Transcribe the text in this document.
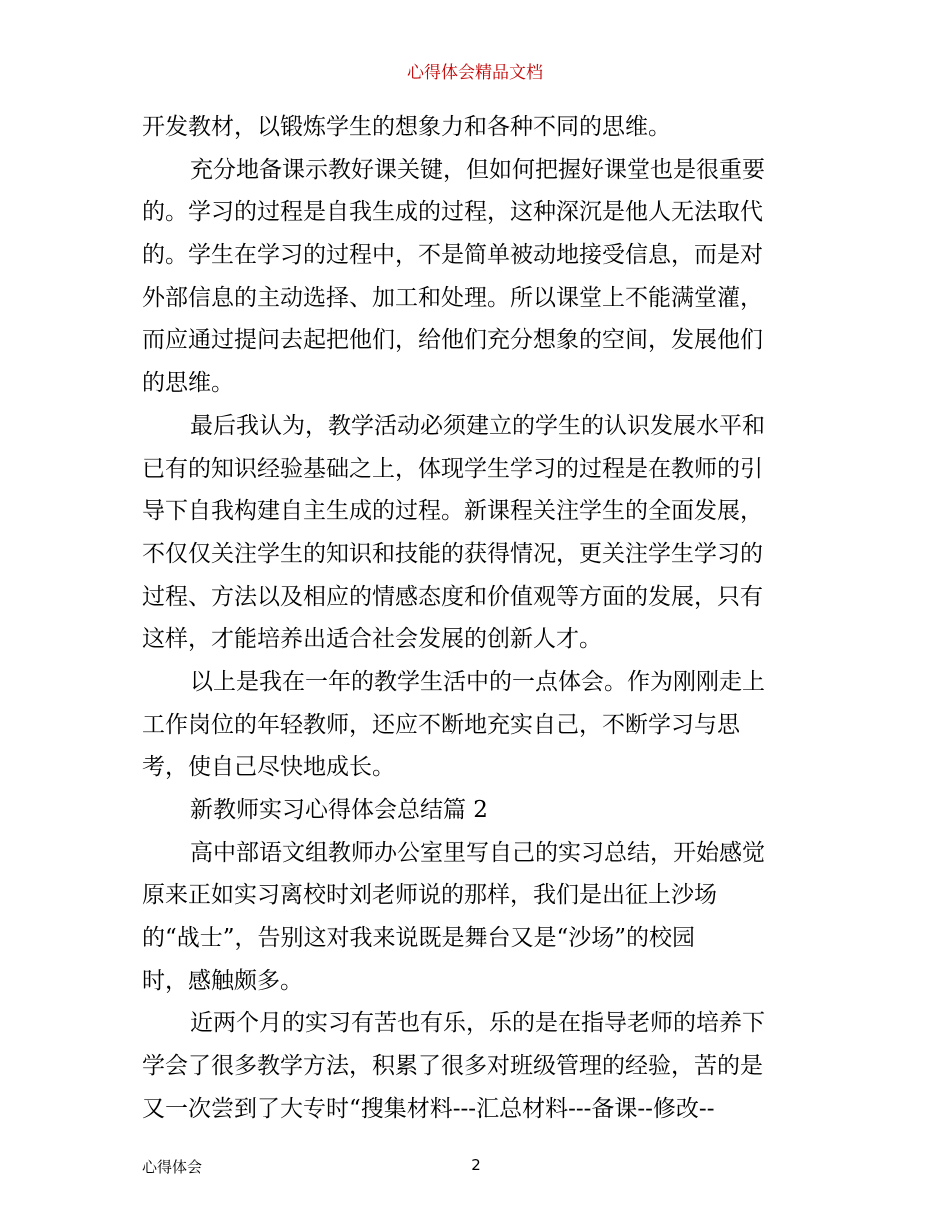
心得体会精品文档
开发教材，以锻炼学生的想象力和各种不同的思维。
充分地备课示教好课关键，但如何把握好课堂也是很重要
的。学习的过程是自我生成的过程，这种深沉是他人无法取代
的。学生在学习的过程中，不是简单被动地接受信息，而是对
外部信息的主动选择、加工和处理。所以课堂上不能满堂灌，
而应通过提问去起把他们，给他们充分想象的空间，发展他们
的思维。
最后我认为，教学活动必须建立的学生的认识发展水平和
已有的知识经验基础之上，体现学生学习的过程是在教师的引
导下自我构建自主生成的过程。新课程关注学生的全面发展，
不仅仅关注学生的知识和技能的获得情况，更关注学生学习的
过程、方法以及相应的情感态度和价值观等方面的发展，只有
这样，才能培养出适合社会发展的创新人才。
以上是我在一年的教学生活中的一点体会。作为刚刚走上
工作岗位的年轻教师，还应不断地充实自己，不断学习与思
考，使自己尽快地成长。
新教师实习心得体会总结篇 2
高中部语文组教师办公室里写自己的实习总结，开始感觉
原来正如实习离校时刘老师说的那样，我们是出征上沙场
的“战士”，告别这对我来说既是舞台又是“沙场”的校园
时，感触颇多。
近两个月的实习有苦也有乐，乐的是在指导老师的培养下
学会了很多教学方法，积累了很多对班级管理的经验，苦的是
又一次尝到了大专时“搜集材料---汇总材料---备课--修改--
心得体会	2
